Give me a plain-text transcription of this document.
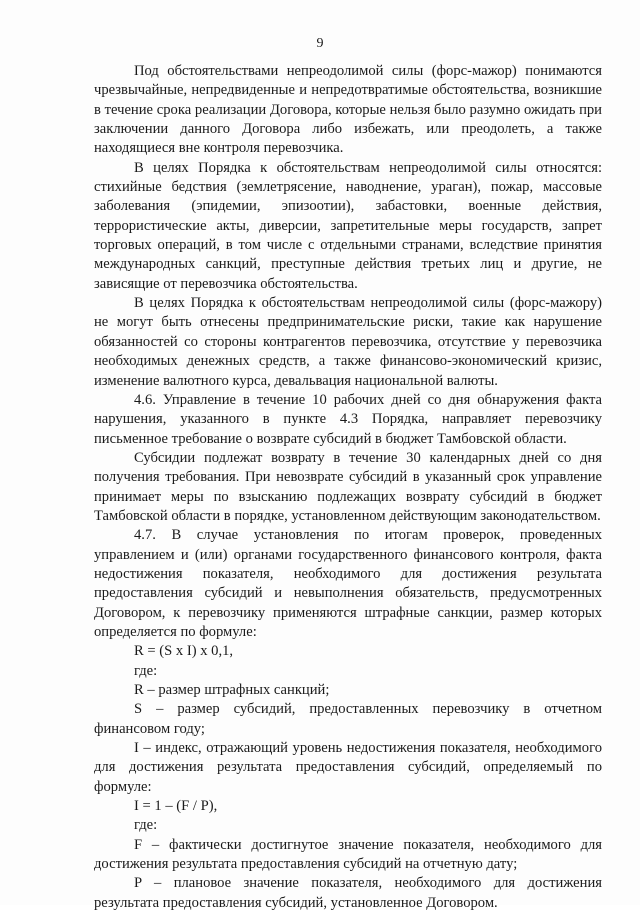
9

Под обстоятельствами непреодолимой силы (форс-мажор) понимаются чрезвычайные, непредвиденные и непредотвратимые обстоятельства, возникшие в течение срока реализации Договора, которые нельзя было разумно ожидать при заключении данного Договора либо избежать, или преодолеть, а также находящиеся вне контроля перевозчика.

В целях Порядка к обстоятельствам непреодолимой силы относятся: стихийные бедствия (землетрясение, наводнение, ураган), пожар, массовые заболевания (эпидемии, эпизоотии), забастовки, военные действия, террористические акты, диверсии, запретительные меры государств, запрет торговых операций, в том числе с отдельными странами, вследствие принятия международных санкций, преступные действия третьих лиц и другие, не зависящие от перевозчика обстоятельства.

В целях Порядка к обстоятельствам непреодолимой силы (форс-мажору) не могут быть отнесены предпринимательские риски, такие как нарушение обязанностей со стороны контрагентов перевозчика, отсутствие у перевозчика необходимых денежных средств, а также финансово-экономический кризис, изменение валютного курса, девальвация национальной валюты.

4.6. Управление в течение 10 рабочих дней со дня обнаружения факта нарушения, указанного в пункте 4.3 Порядка, направляет перевозчику письменное требование о возврате субсидий в бюджет Тамбовской области.

Субсидии подлежат возврату в течение 30 календарных дней со дня получения требования. При невозврате субсидий в указанный срок управление принимает меры по взысканию подлежащих возврату субсидий в бюджет Тамбовской области в порядке, установленном действующим законодательством.

4.7. В случае установления по итогам проверок, проведенных управлением и (или) органами государственного финансового контроля, факта недостижения показателя, необходимого для достижения результата предоставления субсидий и невыполнения обязательств, предусмотренных Договором, к перевозчику применяются штрафные санкции, размер которых определяется по формуле:

R = (S x I) x 0,1,

где:

R – размер штрафных санкций;

S – размер субсидий, предоставленных перевозчику в отчетном финансовом году;

I – индекс, отражающий уровень недостижения показателя, необходимого для достижения результата предоставления субсидий, определяемый по формуле:

I = 1 – (F / P),

где:

F – фактически достигнутое значение показателя, необходимого для достижения результата предоставления субсидий на отчетную дату;

P – плановое значение показателя, необходимого для достижения результата предоставления субсидий, установленное Договором.
